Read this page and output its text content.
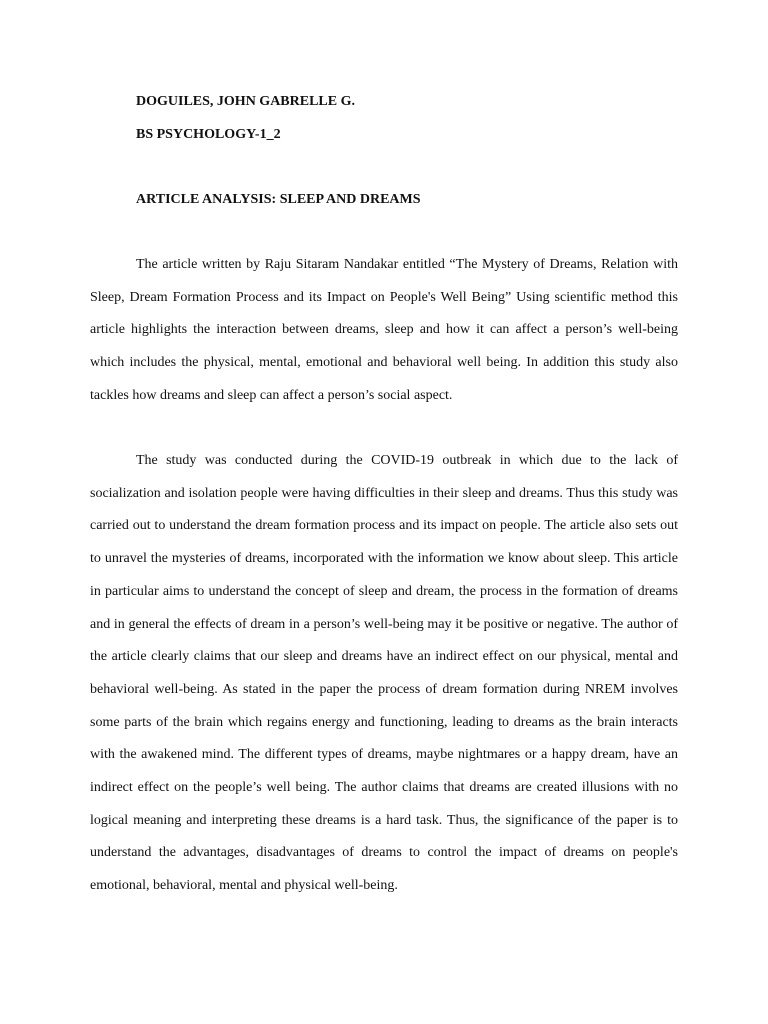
DOGUILES, JOHN GABRELLE G.
BS PSYCHOLOGY-1_2
ARTICLE ANALYSIS: SLEEP AND DREAMS

The article written by Raju Sitaram Nandakar entitled “The Mystery of Dreams, Relation with Sleep, Dream Formation Process and its Impact on People's Well Being” Using scientific method this article highlights the interaction between dreams, sleep and how it can affect a person’s well-being which includes the physical, mental, emotional and behavioral well being. In addition this study also tackles how dreams and sleep can affect a person’s social aspect.

The study was conducted during the COVID-19 outbreak in which due to the lack of socialization and isolation people were having difficulties in their sleep and dreams. Thus this study was carried out to understand the dream formation process and its impact on people. The article also sets out to unravel the mysteries of dreams, incorporated with the information we know about sleep. This article in particular aims to understand the concept of sleep and dream, the process in the formation of dreams and in general the effects of dream in a person’s well-being may it be positive or negative. The author of the article clearly claims that our sleep and dreams have an indirect effect on our physical, mental and behavioral well-being. As stated in the paper the process of dream formation during NREM involves some parts of the brain which regains energy and functioning, leading to dreams as the brain interacts with the awakened mind. The different types of dreams, maybe nightmares or a happy dream, have an indirect effect on the people’s well being. The author claims that dreams are created illusions with no logical meaning and interpreting these dreams is a hard task. Thus, the significance of the paper is to understand the advantages, disadvantages of dreams to control the impact of dreams on people's emotional, behavioral, mental and physical well-being.
